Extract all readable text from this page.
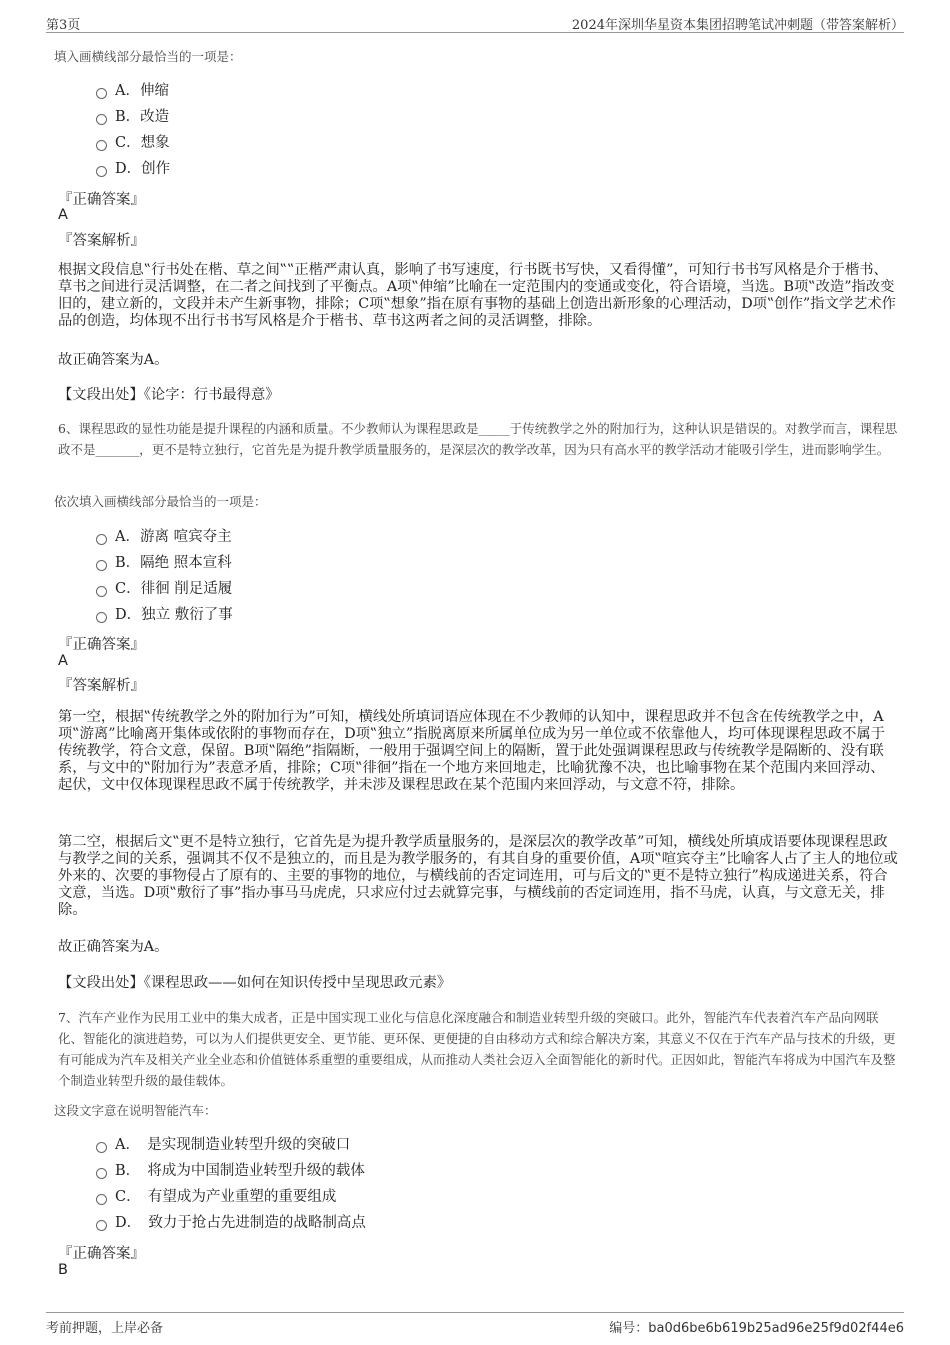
第3页	2024年深圳华星资本集团招聘笔试冲刺题（带答案解析）
填入画横线部分最恰当的一项是：
A．伸缩
B．改造
C．想象
D．创作
『正确答案』
A
『答案解析』
根据文段信息‟行书处在楷、草之间‟‟正楷严肃认真，影响了书写速度，行书既书写快，又看得懂”，可知行书书写风格是介于楷书、草书之间进行灵活调整，在二者之间找到了平衡点。A项‟伸缩”比喻在一定范围内的变通或变化，符合语境，当选。B项‟改造”指改变旧的，建立新的，文段并未产生新事物，排除；C项‟想象”指在原有事物的基础上创造出新形象的心理活动，D项‟创作”指文学艺术作品的创造，均体现不出行书书写风格是介于楷书、草书这两者之间的灵活调整，排除。
故正确答案为A。
【文段出处】《论字：行书最得意》
6、课程思政的显性功能是提升课程的内涵和质量。不少教师认为课程思政是_____于传统教学之外的附加行为，这种认识是错误的。对教学而言，课程思政不是_______，更不是特立独行，它首先是为提升教学质量服务的，是深层次的教学改革，因为只有高水平的教学活动才能吸引学生，进而影响学生。
依次填入画横线部分最恰当的一项是：
A．游离 喧宾夺主
B．隔绝 照本宣科
C．徘徊 削足适履
D．独立 敷衍了事
『正确答案』
A
『答案解析』
第一空，根据‟传统教学之外的附加行为”可知，横线处所填词语应体现在不少教师的认知中，课程思政并不包含在传统教学之中，A项‟游离”比喻离开集体或依附的事物而存在，D项‟独立”指脱离原来所属单位成为另一单位或不依靠他人，均可体现课程思政不属于传统教学，符合文意，保留。B项‟隔绝”指隔断，一般用于强调空间上的隔断，置于此处强调课程思政与传统教学是隔断的、没有联系，与文中的‟附加行为”表意矛盾，排除；C项‟徘徊”指在一个地方来回地走，比喻犹豫不决，也比喻事物在某个范围内来回浮动、起伏，文中仅体现课程思政不属于传统教学，并未涉及课程思政在某个范围内来回浮动，与文意不符，排除。
第二空，根据后文‟更不是特立独行，它首先是为提升教学质量服务的，是深层次的教学改革”可知，横线处所填成语要体现课程思政与教学之间的关系，强调其不仅不是独立的，而且是为教学服务的，有其自身的重要价值，A项‟喧宾夺主”比喻客人占了主人的地位或外来的、次要的事物侵占了原有的、主要的事物的地位，与横线前的否定词连用，可与后文的‟更不是特立独行”构成递进关系，符合文意，当选。D项‟敷衍了事”指办事马马虎虎，只求应付过去就算完事，与横线前的否定词连用，指不马虎，认真，与文意无关，排除。
故正确答案为A。
【文段出处】《课程思政——如何在知识传授中呈现思政元素》
7、汽车产业作为民用工业中的集大成者，正是中国实现工业化与信息化深度融合和制造业转型升级的突破口。此外，智能汽车代表着汽车产品向网联化、智能化的演进趋势，可以为人们提供更安全、更节能、更环保、更便捷的自由移动方式和综合解决方案，其意义不仅在于汽车产品与技术的升级，更有可能成为汽车及相关产业全业态和价值链体系重塑的重要组成，从而推动人类社会迈入全面智能化的新时代。正因如此，智能汽车将成为中国汽车及整个制造业转型升级的最佳载体。
这段文字意在说明智能汽车：
A．　是实现制造业转型升级的突破口
B．　将成为中国制造业转型升级的载体
C．　有望成为产业重塑的重要组成
D．　致力于抢占先进制造的战略制高点
『正确答案』
B
考前押题，上岸必备	编号：ba0d6be6b619b25ad96e25f9d02f44e6
